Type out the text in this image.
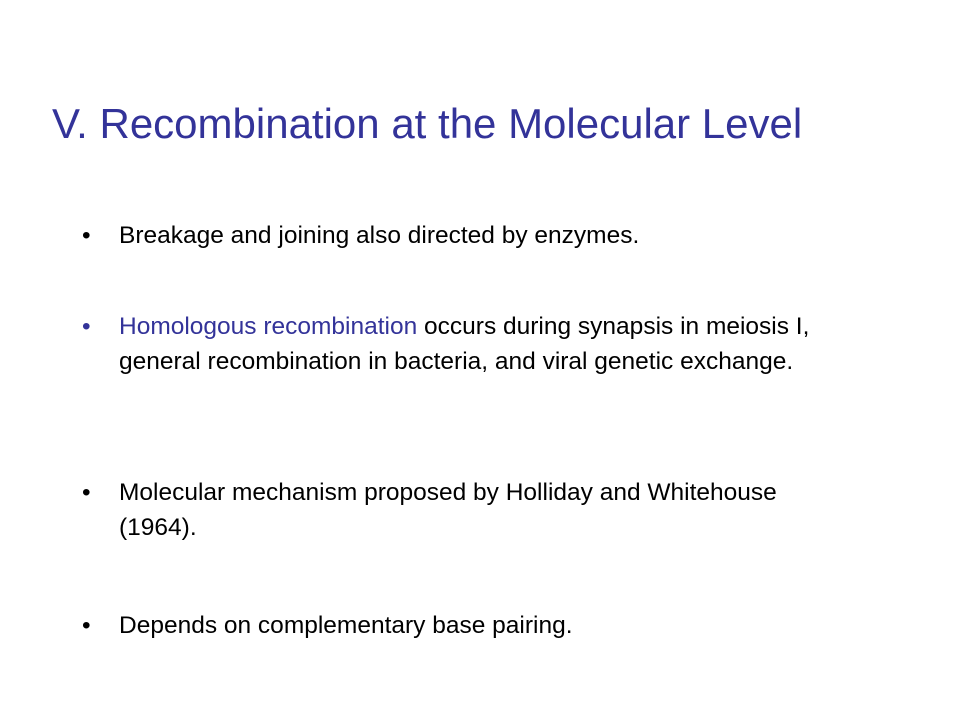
V. Recombination at the Molecular Level
• Breakage and joining also directed by enzymes.
• Homologous recombination occurs during synapsis in meiosis I, general recombination in bacteria, and viral genetic exchange.
• Molecular mechanism proposed by Holliday and Whitehouse (1964).
• Depends on complementary base pairing.
